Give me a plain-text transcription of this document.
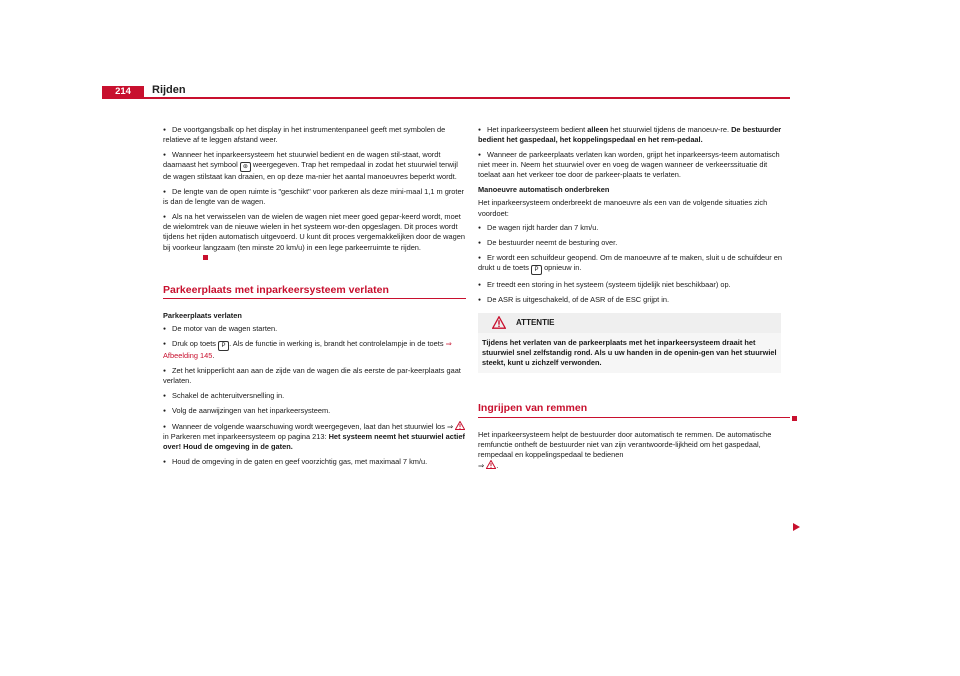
214	Rijden

● De voortgangsbalk op het display in het instrumentenpaneel geeft met symbolen de relatieve af te leggen afstand weer.

● Wanneer het inparkeersysteem het stuurwiel bedient en de wagen stil-staat, wordt daarnaast het symbool ⊛ weergegeven. Trap het rempedaal in zodat het stuurwiel terwijl de wagen stilstaat kan draaien, en op deze ma-nier het aantal manoeuvres beperkt wordt.

● De lengte van de open ruimte is "geschikt" voor parkeren als deze mini-maal 1,1 m groter is dan de lengte van de wagen.

● Als na het verwisselen van de wielen de wagen niet meer goed gepar-keerd wordt, moet de wielomtrek van de nieuwe wielen in het systeem wor-den opgeslagen. Dit proces wordt tijdens het rijden automatisch uitgevoerd. U kunt dit proces vergemakkelijken door de wagen bij voorkeur langzaam (ten minste 20 km/u) in een lege parkeerruimte te rijden.

Parkeerplaats met inparkeersysteem verlaten

Parkeerplaats verlaten

● De motor van de wagen starten.

● Druk op toets P . Als de functie in werking is, brandt het controlelampje in de toets ⇒ Afbeelding 145.

● Zet het knipperlicht aan aan de zijde van de wagen die als eerste de par-keerplaats gaat verlaten.

● Schakel de achteruitversnelling in.

● Volg de aanwijzingen van het inparkeersysteem.

● Wanneer de volgende waarschuwing wordt weergegeven, laat dan het stuurwiel los ⇒  in Parkeren met inparkeersysteem op pagina 213: Het systeem neemt het stuurwiel actief over! Houd de omgeving in de gaten.

● Houd de omgeving in de gaten en geef voorzichtig gas, met maximaal 7 km/u.

● Het inparkeersysteem bedient alleen het stuurwiel tijdens de manoeuv-re. De bestuurder bedient het gaspedaal, het koppelingspedaal en het rem-pedaal.

● Wanneer de parkeerplaats verlaten kan worden, grijpt het inparkeersys-teem automatisch niet meer in. Neem het stuurwiel over en voeg de wagen wanneer de verkeerssituatie dit toelaat aan het verkeer toe door de parkeer-plaats te verlaten.

Manoeuvre automatisch onderbreken

Het inparkeersysteem onderbreekt de manoeuvre als een van de volgende situaties zich voordoet:

● De wagen rijdt harder dan 7 km/u.

● De bestuurder neemt de besturing over.

● Er wordt een schuifdeur geopend. Om de manoeuvre af te maken, sluit u de schuifdeur en drukt u de toets P opnieuw in.

● Er treedt een storing in het systeem (systeem tijdelijk niet beschikbaar) op.

● De ASR is uitgeschakeld, of de ASR of de ESC grijpt in.

ATTENTIE
Tijdens het verlaten van de parkeerplaats met het inparkeersysteem draait het stuurwiel snel zelfstandig rond. Als u uw handen in de openin-gen van het stuurwiel steekt, kunt u zichzelf verwonden.
Ingrijpen van remmen

Het inparkeersysteem helpt de bestuurder door automatisch te remmen. De automatische remfunctie ontheft de bestuurder niet van zijn verantwoorde-lijkheid om het gaspedaal, rempedaal en koppelingspedaal te bedienen
⇒ .
